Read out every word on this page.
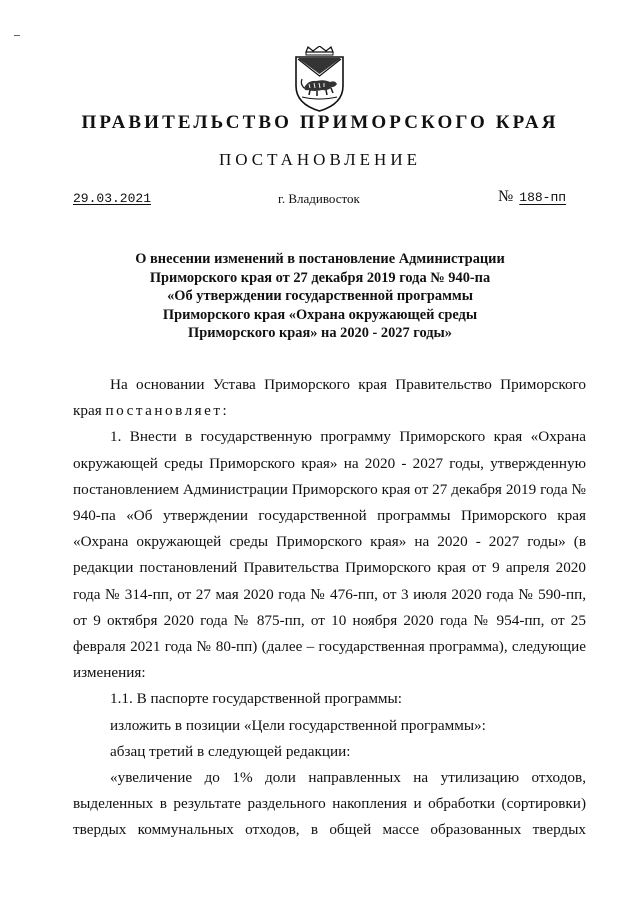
ПРАВИТЕЛЬСТВО ПРИМОРСКОГО КРАЯ
ПОСТАНОВЛЕНИЕ
29.03.2021	г. Владивосток	№ 188-пп
О внесении изменений в постановление Администрации
Приморского края от 27 декабря 2019 года № 940-па
«Об утверждении государственной программы
Приморского края «Охрана окружающей среды
Приморского края» на 2020 - 2027 годы»

На основании Устава Приморского края Правительство Приморского края постановляет:

1. Внести в государственную программу Приморского края «Охрана окружающей среды Приморского края» на 2020 - 2027 годы, утвержденную постановлением Администрации Приморского края от 27 декабря 2019 года № 940-па «Об утверждении государственной программы Приморского края «Охрана окружающей среды Приморского края» на 2020 - 2027 годы» (в редакции постановлений Правительства Приморского края от 9 апреля 2020 года № 314-пп, от 27 мая 2020 года № 476-пп, от 3 июля 2020 года № 590-пп, от 9 октября 2020 года № 875-пп, от 10 ноября 2020 года № 954-пп, от 25 февраля 2021 года № 80-пп) (далее – государственная программа), следующие изменения:

1.1. В паспорте государственной программы:

изложить в позиции «Цели государственной программы»:

абзац третий в следующей редакции:

«увеличение до 1% доли направленных на утилизацию отходов, выделенных в результате раздельного накопления и обработки (сортировки) твердых коммунальных отходов, в общей массе образованных твердых
